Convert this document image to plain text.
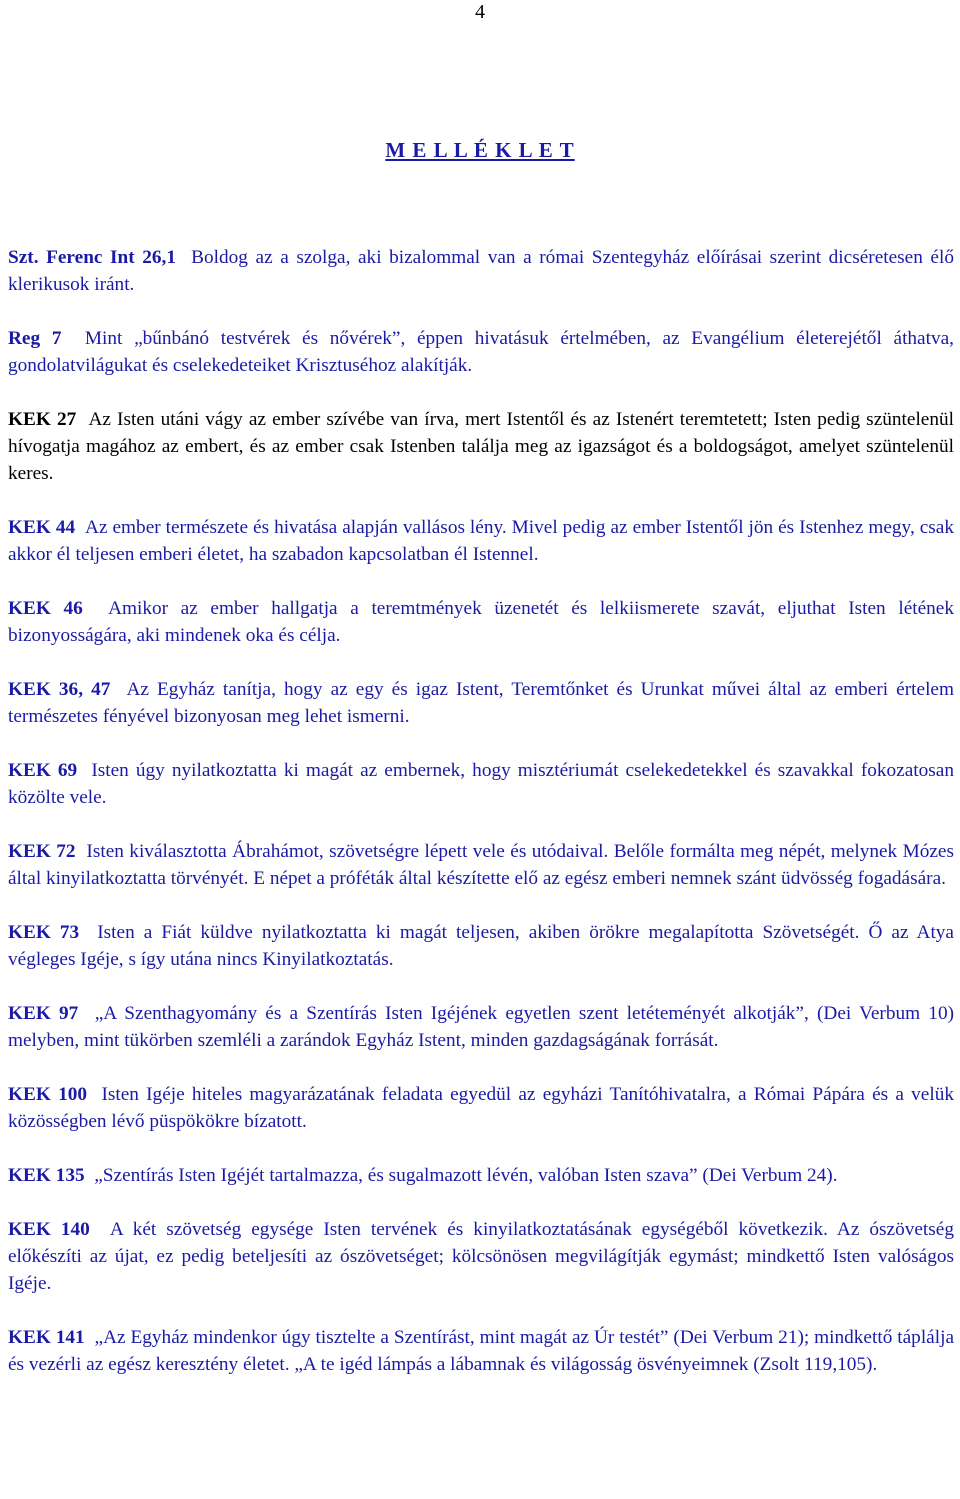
4
M E L L É K L E T

Szt. Ferenc Int 26,1 Boldog az a szolga, aki bizalommal van a római Szentegyház előírásai szerint dicséretesen élő klerikusok iránt.

Reg 7 Mint „bűnbánó testvérek és nővérek”, éppen hivatásuk értelmében, az Evangélium életerejétől áthatva, gondolatvilágukat és cselekedeteiket Krisztuséhoz alakítják.

KEK 27 Az Isten utáni vágy az ember szívébe van írva, mert Istentől és az Istenért teremtetett; Isten pedig szüntelenül hívogatja magához az embert, és az ember csak Istenben találja meg az igazságot és a boldogságot, amelyet szüntelenül keres.

KEK 44 Az ember természete és hivatása alapján vallásos lény. Mivel pedig az ember Istentől jön és Istenhez megy, csak akkor él teljesen emberi életet, ha szabadon kapcsolatban él Istennel.

KEK 46 Amikor az ember hallgatja a teremtmények üzenetét és lelkiismerete szavát, eljuthat Isten létének bizonyosságára, aki mindenek oka és célja.

KEK 36, 47 Az Egyház tanítja, hogy az egy és igaz Istent, Teremtőnket és Urunkat művei által az emberi értelem természetes fényével bizonyosan meg lehet ismerni.

KEK 69 Isten úgy nyilatkoztatta ki magát az embernek, hogy misztériumát cselekedetekkel és szavakkal fokozatosan közölte vele.

KEK 72 Isten kiválasztotta Ábrahámot, szövetségre lépett vele és utódaival. Belőle formálta meg népét, melynek Mózes által kinyilatkoztatta törvényét. E népet a próféták által készítette elő az egész emberi nemnek szánt üdvösség fogadására.

KEK 73 Isten a Fiát küldve nyilatkoztatta ki magát teljesen, akiben örökre megalapította Szövetségét. Ő az Atya végleges Igéje, s így utána nincs Kinyilatkoztatás.

KEK 97 „A Szenthagyomány és a Szentírás Isten Igéjének egyetlen szent letéteményét alkotják”, (Dei Verbum 10) melyben, mint tükörben szemléli a zarándok Egyház Istent, minden gazdagságának forrását.

KEK 100 Isten Igéje hiteles magyarázatának feladata egyedül az egyházi Tanítóhivatalra, a Római Pápára és a velük közösségben lévő püspökökre bízatott.

KEK 135 „Szentírás Isten Igéjét tartalmazza, és sugalmazott lévén, valóban Isten szava” (Dei Verbum 24).

KEK 140 A két szövetség egysége Isten tervének és kinyilatkoztatásának egységéből következik. Az ószövetség előkészíti az újat, ez pedig beteljesíti az ószövetséget; kölcsönösen megvilágítják egymást; mindkettő Isten valóságos Igéje.

KEK 141 „Az Egyház mindenkor úgy tisztelte a Szentírást, mint magát az Úr testét” (Dei Verbum 21); mindkettő táplálja és vezérli az egész keresztény életet. „A te igéd lámpás a lábamnak és világosság ösvényeimnek (Zsolt 119,105).
